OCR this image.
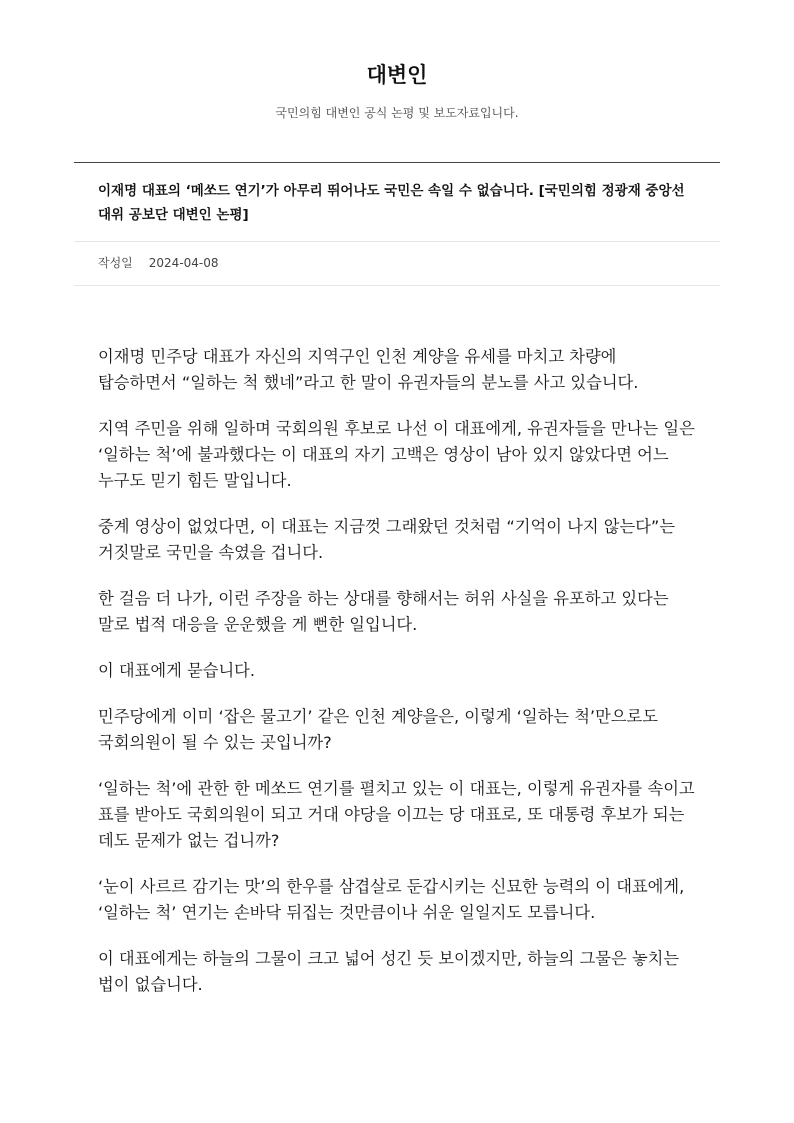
대변인
국민의힘 대변인 공식 논평 및 보도자료입니다.
이재명 대표의 ‘메쏘드 연기’가 아무리 뛰어나도 국민은 속일 수 없습니다. [국민의힘 정광재 중앙선대위 공보단 대변인 논평]
작성일 2024-04-08

이재명 민주당 대표가 자신의 지역구인 인천 계양을 유세를 마치고 차량에 탑승하면서 “일하는 척 했네”라고 한 말이 유권자들의 분노를 사고 있습니다.

지역 주민을 위해 일하며 국회의원 후보로 나선 이 대표에게, 유권자들을 만나는 일은 ‘일하는 척’에 불과했다는 이 대표의 자기 고백은 영상이 남아 있지 않았다면 어느 누구도 믿기 힘든 말입니다.

중계 영상이 없었다면, 이 대표는 지금껏 그래왔던 것처럼 “기억이 나지 않는다”는 거짓말로 국민을 속였을 겁니다.

한 걸음 더 나가, 이런 주장을 하는 상대를 향해서는 허위 사실을 유포하고 있다는 말로 법적 대응을 운운했을 게 뻔한 일입니다.

이 대표에게 묻습니다.

민주당에게 이미 ‘잡은 물고기’ 같은 인천 계양을은, 이렇게 ‘일하는 척’만으로도 국회의원이 될 수 있는 곳입니까?

‘일하는 척’에 관한 한 메쏘드 연기를 펼치고 있는 이 대표는, 이렇게 유권자를 속이고 표를 받아도 국회의원이 되고 거대 야당을 이끄는 당 대표로, 또 대통령 후보가 되는 데도 문제가 없는 겁니까?

‘눈이 사르르 감기는 맛’의 한우를 삼겹살로 둔갑시키는 신묘한 능력의 이 대표에게, ‘일하는 척’ 연기는 손바닥 뒤집는 것만큼이나 쉬운 일일지도 모릅니다.

이 대표에게는 하늘의 그물이 크고 넓어 성긴 듯 보이겠지만, 하늘의 그물은 놓치는 법이 없습니다.
